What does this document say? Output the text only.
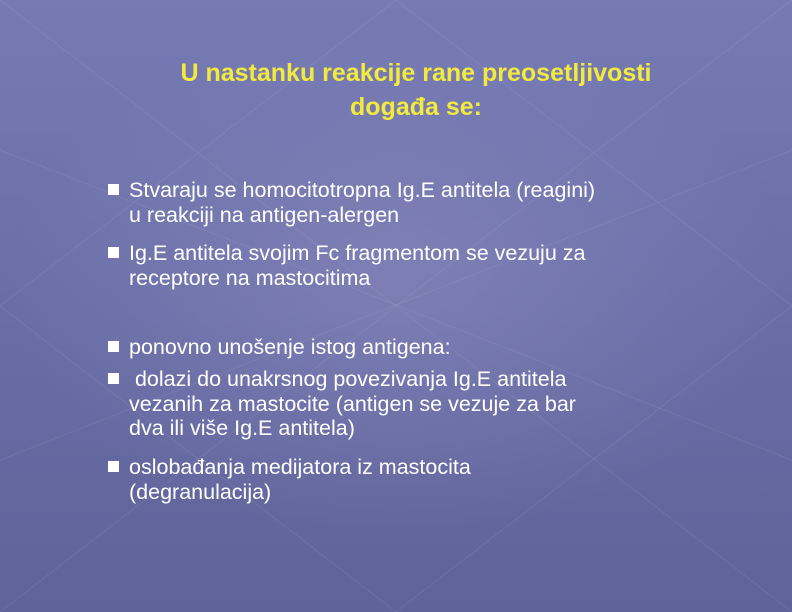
U nastanku reakcije rane preosetljivosti
događa se:
Stvaraju se homocitotropna Ig.E antitela (reagini)
u reakciji na antigen-alergen
Ig.E antitela svojim Fc fragmentom se vezuju za
receptore na mastocitima
ponovno unošenje istog antigena:
dolazi do unakrsnog povezivanja Ig.E antitela
vezanih za mastocite (antigen se vezuje za bar
dva ili više Ig.E antitela)
oslobađanja medijatora iz mastocita
(degranulacija)
